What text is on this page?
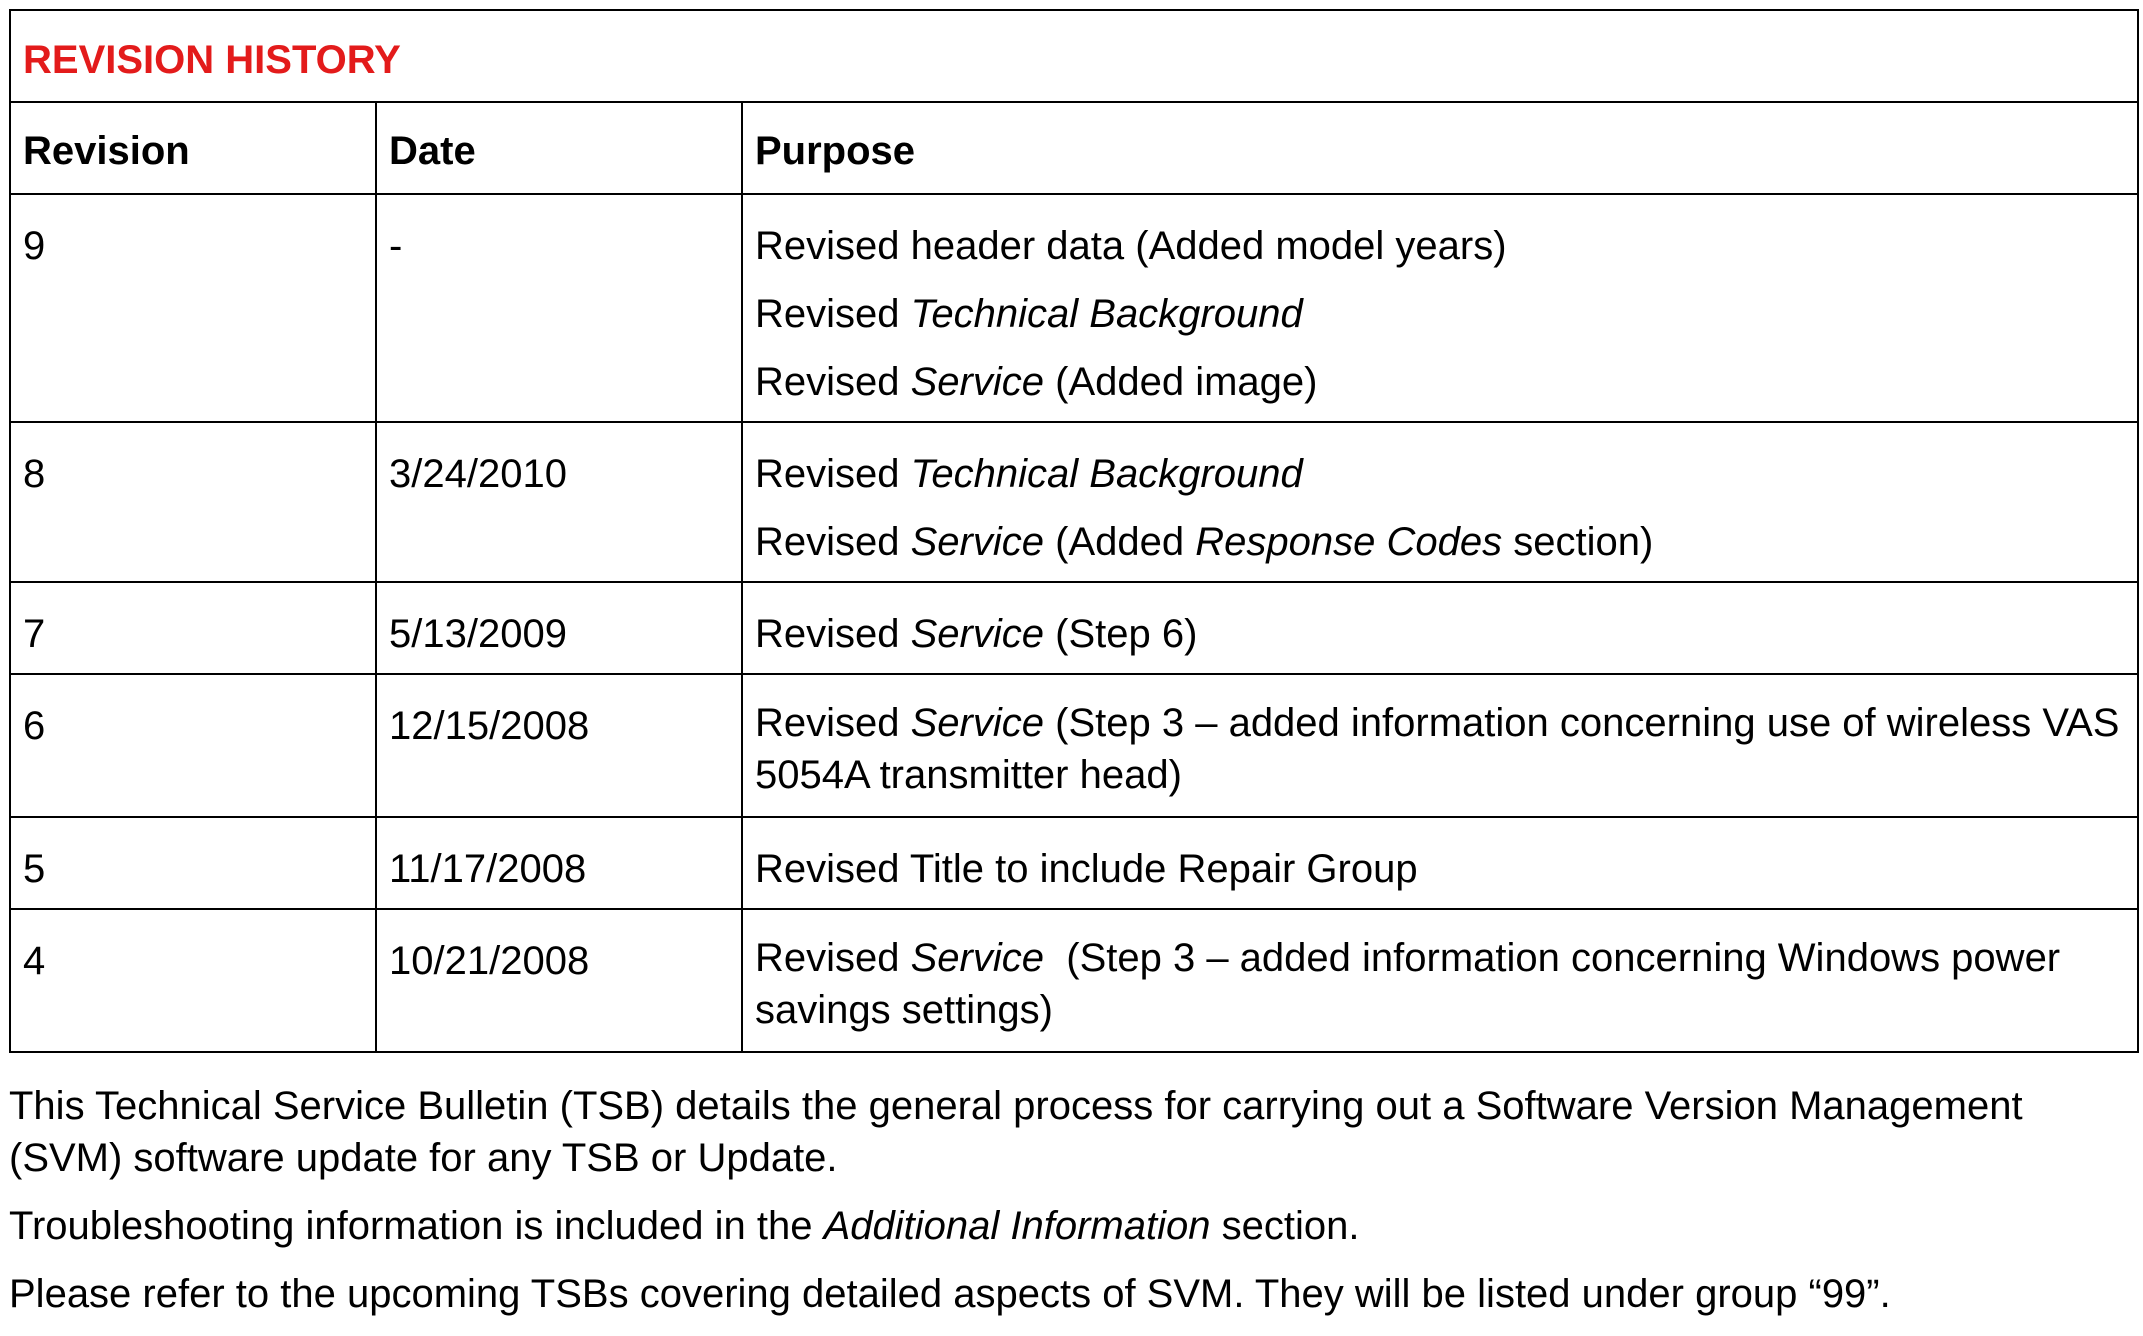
REVISION HISTORY		

Revision	Date	Purpose
9	-	Revised header data (Added model years)
Revised Technical Background
Revised Service (Added image)

8	3/24/2010	Revised Technical Background
Revised Service (Added Response Codes section)

7	5/13/2009	Revised Service (Step 6)

6	12/15/2008	Revised Service (Step 3 – added information concerning use of wireless VAS 5054A transmitter head)

5	11/17/2008	Revised Title to include Repair Group

4	10/21/2008	Revised Service  (Step 3 – added information concerning Windows power savings settings)

This Technical Service Bulletin (TSB) details the general process for carrying out a Software Version Management (SVM) software update for any TSB or Update.

Troubleshooting information is included in the Additional Information section.

Please refer to the upcoming TSBs covering detailed aspects of SVM. They will be listed under group “99”.
